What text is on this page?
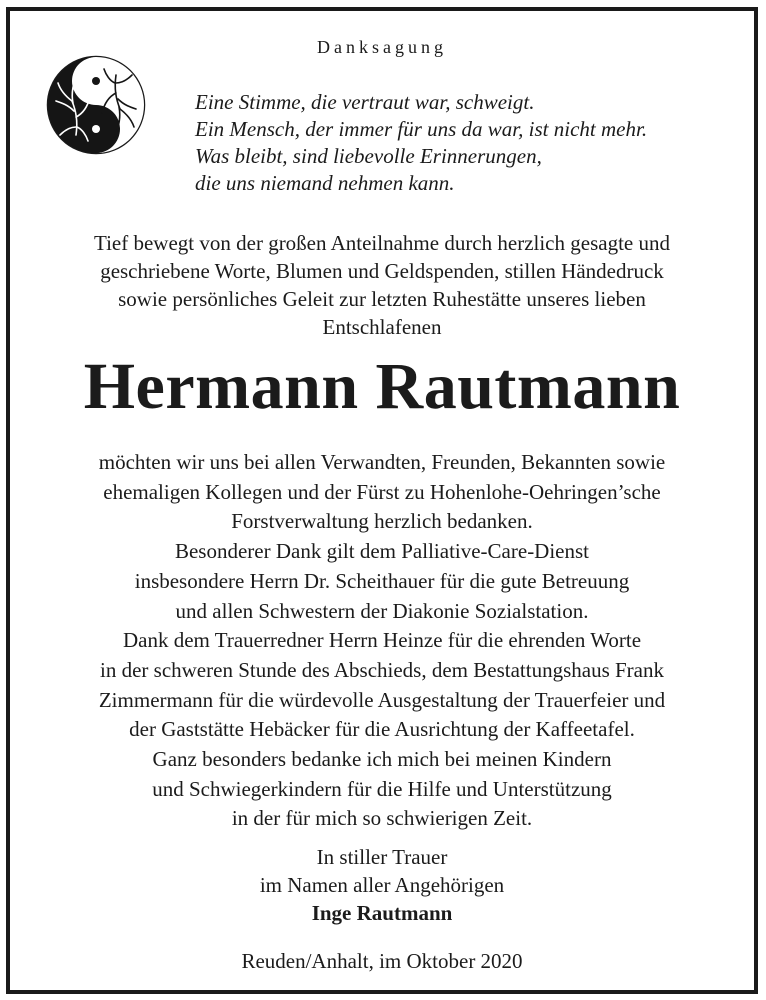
Danksagung
Eine Stimme, die vertraut war, schweigt.
Ein Mensch, der immer für uns da war, ist nicht mehr.
Was bleibt, sind liebevolle Erinnerungen,
die uns niemand nehmen kann.
Tief bewegt von der großen Anteilnahme durch herzlich gesagte und
geschriebene Worte, Blumen und Geldspenden, stillen Händedruck
sowie persönliches Geleit zur letzten Ruhestätte unseres lieben
Entschlafenen
Hermann Rautmann
möchten wir uns bei allen Verwandten, Freunden, Bekannten sowie
ehemaligen Kollegen und der Fürst zu Hohenlohe-Oehringen’sche
Forstverwaltung herzlich bedanken.
Besonderer Dank gilt dem Palliative-Care-Dienst
insbesondere Herrn Dr. Scheithauer für die gute Betreuung
und allen Schwestern der Diakonie Sozialstation.
Dank dem Trauerredner Herrn Heinze für die ehrenden Worte
in der schweren Stunde des Abschieds, dem Bestattungshaus Frank
Zimmermann für die würdevolle Ausgestaltung der Trauerfeier und
der Gaststätte Hebäcker für die Ausrichtung der Kaffeetafel.
Ganz besonders bedanke ich mich bei meinen Kindern
und Schwiegerkindern für die Hilfe und Unterstützung
in der für mich so schwierigen Zeit.
In stiller Trauer
im Namen aller Angehörigen
Inge Rautmann
Reuden/Anhalt, im Oktober 2020
